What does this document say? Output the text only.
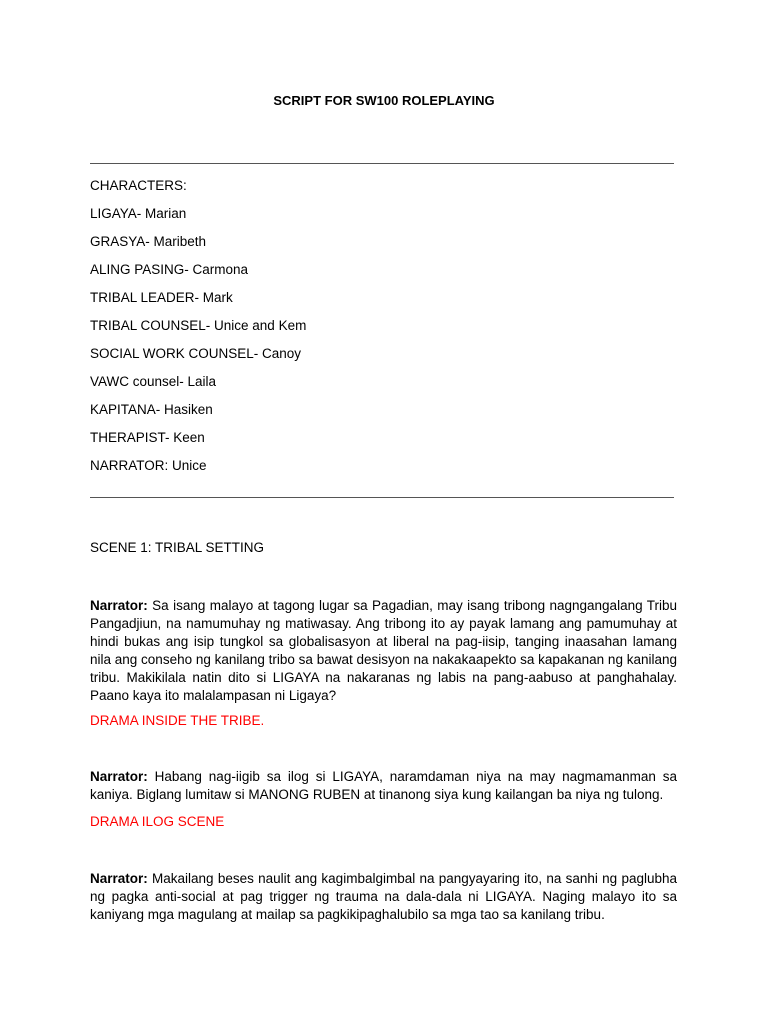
SCRIPT FOR SW100 ROLEPLAYING
CHARACTERS:
LIGAYA- Marian
GRASYA- Maribeth
ALING PASING- Carmona
TRIBAL LEADER- Mark
TRIBAL COUNSEL- Unice and Kem
SOCIAL WORK COUNSEL- Canoy
VAWC counsel- Laila
KAPITANA- Hasiken
THERAPIST- Keen
NARRATOR: Unice

SCENE 1: TRIBAL SETTING

Narrator: Sa isang malayo at tagong lugar sa Pagadian, may isang tribong nagngangalang Tribu Pangadjiun, na namumuhay ng matiwasay. Ang tribong ito ay payak lamang ang pamumuhay at hindi bukas ang isip tungkol sa globalisasyon at liberal na pag-iisip, tanging inaasahan lamang nila ang conseho ng kanilang tribo sa bawat desisyon na nakakaapekto sa kapakanan ng kanilang tribu. Makikilala natin dito si LIGAYA na nakaranas ng labis na pang-aabuso at panghahalay. Paano kaya ito malalampasan ni Ligaya?

DRAMA INSIDE THE TRIBE.

Narrator: Habang nag-iigib sa ilog si LIGAYA, naramdaman niya na may nagmamanman sa kaniya. Biglang lumitaw si MANONG RUBEN at tinanong siya kung kailangan ba niya ng tulong.

DRAMA ILOG SCENE

Narrator: Makailang beses naulit ang kagimbalgimbal na pangyayaring ito, na sanhi ng paglubha ng pagka anti-social at pag trigger ng trauma na dala-dala ni LIGAYA. Naging malayo ito sa kaniyang mga magulang at mailap sa pagkikipaghalubilo sa mga tao sa kanilang tribu.
